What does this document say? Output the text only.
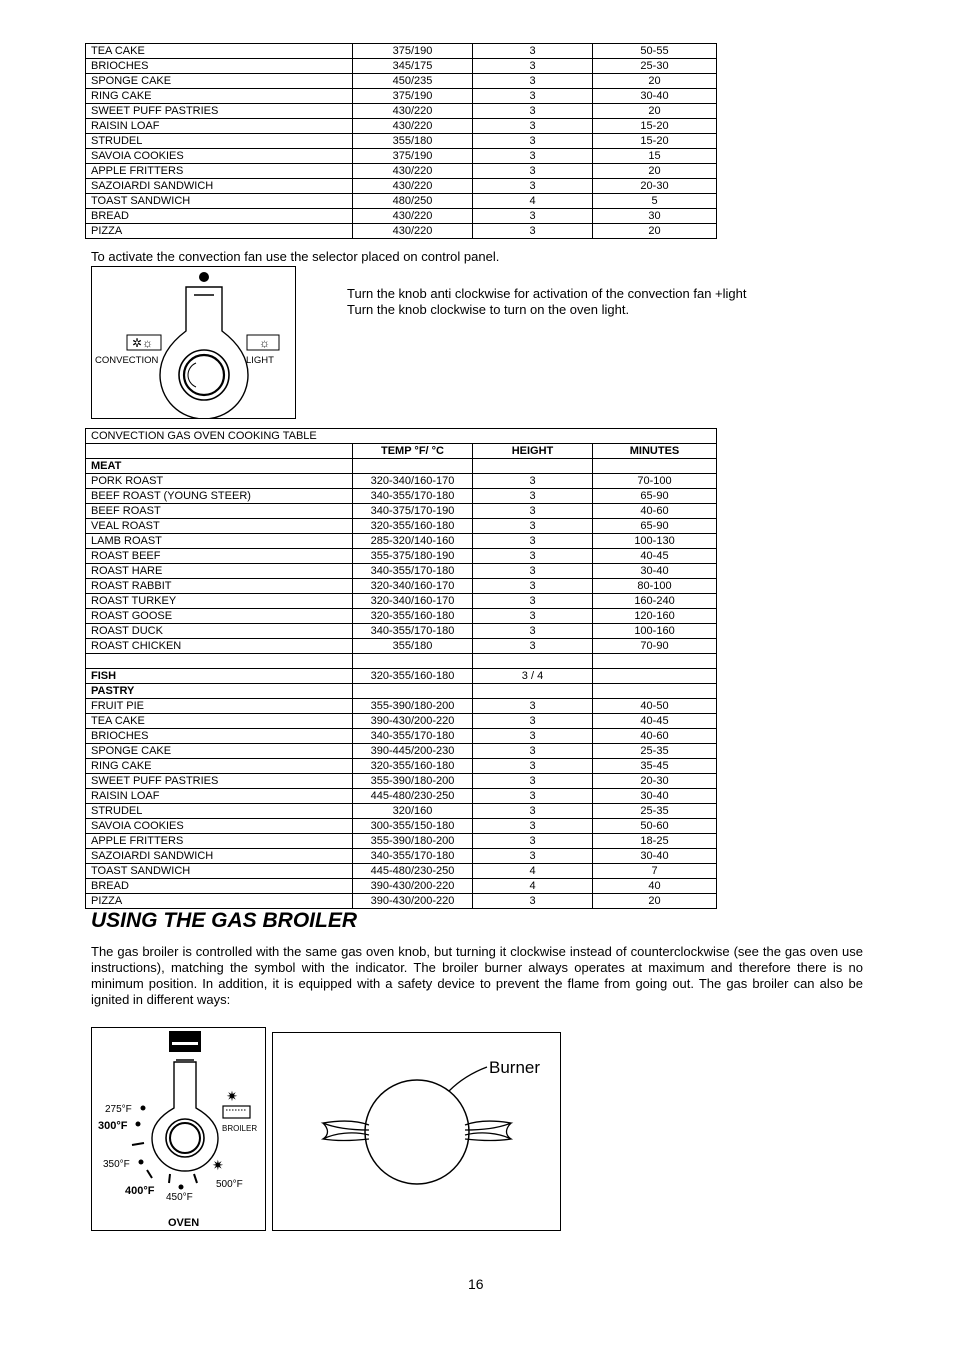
TEA CAKE	375/190	3	50-55
BRIOCHES	345/175	3	25-30
SPONGE CAKE	450/235	3	20
RING CAKE	375/190	3	30-40
SWEET PUFF PASTRIES	430/220	3	20
RAISIN LOAF	430/220	3	15-20
STRUDEL	355/180	3	15-20
SAVOIA COOKIES	375/190	3	15
APPLE FRITTERS	430/220	3	20
SAZOIARDI SANDWICH	430/220	3	20-30
TOAST SANDWICH	480/250	4	5
BREAD	430/220	3	30
PIZZA	430/220	3	20
To activate the convection fan use the selector placed on control panel.
✲☼	☼
CONVECTION	LIGHT
Turn the knob anti clockwise for activation of the convection fan +light
Turn the knob clockwise to turn on the oven light.
CONVECTION GAS OVEN COOKING TABLE			
	TEMP °F/ °C	HEIGHT	MINUTES
MEAT			
PORK ROAST	320-340/160-170	3	70-100
BEEF ROAST (YOUNG STEER)	340-355/170-180	3	65-90
BEEF ROAST	340-375/170-190	3	40-60
VEAL ROAST	320-355/160-180	3	65-90
LAMB ROAST	285-320/140-160	3	100-130
ROAST BEEF	355-375/180-190	3	40-45
ROAST HARE	340-355/170-180	3	30-40
ROAST RABBIT	320-340/160-170	3	80-100
ROAST TURKEY	320-340/160-170	3	160-240
ROAST GOOSE	320-355/160-180	3	120-160
ROAST DUCK	340-355/170-180	3	100-160
ROAST CHICKEN	355/180	3	70-90

FISH	320-355/160-180	3 / 4	
PASTRY			
FRUIT PIE	355-390/180-200	3	40-50
TEA CAKE	390-430/200-220	3	40-45
BRIOCHES	340-355/170-180	3	40-60
SPONGE CAKE	390-445/200-230	3	25-35
RING CAKE	320-355/160-180	3	35-45
SWEET PUFF PASTRIES	355-390/180-200	3	20-30
RAISIN LOAF	445-480/230-250	3	30-40
STRUDEL	320/160	3	25-35
SAVOIA COOKIES	300-355/150-180	3	50-60
APPLE FRITTERS	355-390/180-200	3	18-25
SAZOIARDI SANDWICH	340-355/170-180	3	30-40
TOAST SANDWICH	445-480/230-250	4	7
BREAD	390-430/200-220	4	40
PIZZA	390-430/200-220	3	20
USING THE GAS BROILER
The gas broiler is controlled with the same gas oven knob, but turning it clockwise instead of counterclockwise (see the gas oven use instructions), matching the symbol with the indicator. The broiler burner always operates at maximum and therefore there is no minimum position. In addition, it is equipped with a safety device to prevent the flame from going out. The gas broiler can also be ignited in different ways:
✷
✷
275°F
300°F
350°F
400°F
450°F
500°F
BROILER
OVEN
Burner
16
